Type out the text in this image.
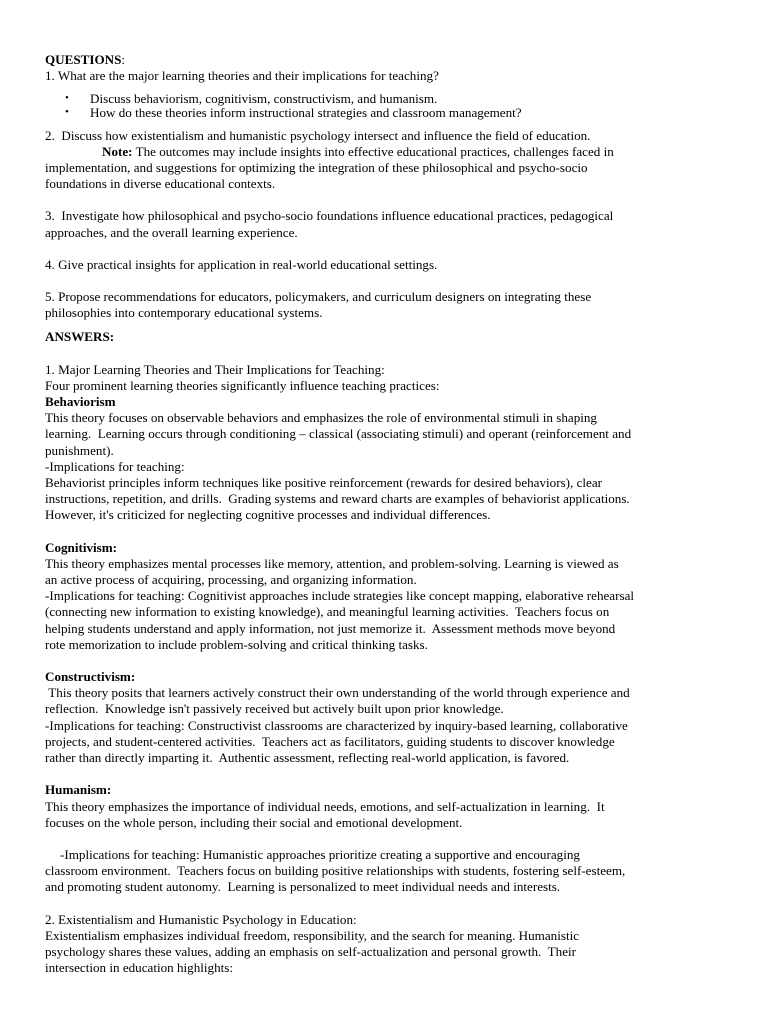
QUESTIONS:

1. What are the major learning theories and their implications for teaching?

• Discuss behaviorism, cognitivism, constructivism, and humanism.
• How do these theories inform instructional strategies and classroom management?

2.  Discuss how existentialism and humanistic psychology intersect and influence the field of education.

Note: The outcomes may include insights into effective educational practices, challenges faced in

implementation, and suggestions for optimizing the integration of these philosophical and psycho-socio

foundations in diverse educational contexts.

3.  Investigate how philosophical and psycho-socio foundations influence educational practices, pedagogical

approaches, and the overall learning experience.

4. Give practical insights for application in real-world educational settings.

5. Propose recommendations for educators, policymakers, and curriculum designers on integrating these

philosophies into contemporary educational systems.

ANSWERS:

1. Major Learning Theories and Their Implications for Teaching:

Four prominent learning theories significantly influence teaching practices:

Behaviorism

This theory focuses on observable behaviors and emphasizes the role of environmental stimuli in shaping

learning.  Learning occurs through conditioning – classical (associating stimuli) and operant (reinforcement and

punishment).

-Implications for teaching:

Behaviorist principles inform techniques like positive reinforcement (rewards for desired behaviors), clear

instructions, repetition, and drills.  Grading systems and reward charts are examples of behaviorist applications.

However, it's criticized for neglecting cognitive processes and individual differences.

Cognitivism:

This theory emphasizes mental processes like memory, attention, and problem-solving. Learning is viewed as

an active process of acquiring, processing, and organizing information.

-Implications for teaching: Cognitivist approaches include strategies like concept mapping, elaborative rehearsal

(connecting new information to existing knowledge), and meaningful learning activities.  Teachers focus on

helping students understand and apply information, not just memorize it.  Assessment methods move beyond

rote memorization to include problem-solving and critical thinking tasks.

Constructivism:

This theory posits that learners actively construct their own understanding of the world through experience and

reflection.  Knowledge isn't passively received but actively built upon prior knowledge.

-Implications for teaching: Constructivist classrooms are characterized by inquiry-based learning, collaborative

projects, and student-centered activities.  Teachers act as facilitators, guiding students to discover knowledge

rather than directly imparting it.  Authentic assessment, reflecting real-world application, is favored.

Humanism:

This theory emphasizes the importance of individual needs, emotions, and self-actualization in learning.  It

focuses on the whole person, including their social and emotional development.

-Implications for teaching: Humanistic approaches prioritize creating a supportive and encouraging

classroom environment.  Teachers focus on building positive relationships with students, fostering self-esteem,

and promoting student autonomy.  Learning is personalized to meet individual needs and interests.

2. Existentialism and Humanistic Psychology in Education:

Existentialism emphasizes individual freedom, responsibility, and the search for meaning. Humanistic

psychology shares these values, adding an emphasis on self-actualization and personal growth.  Their

intersection in education highlights:
